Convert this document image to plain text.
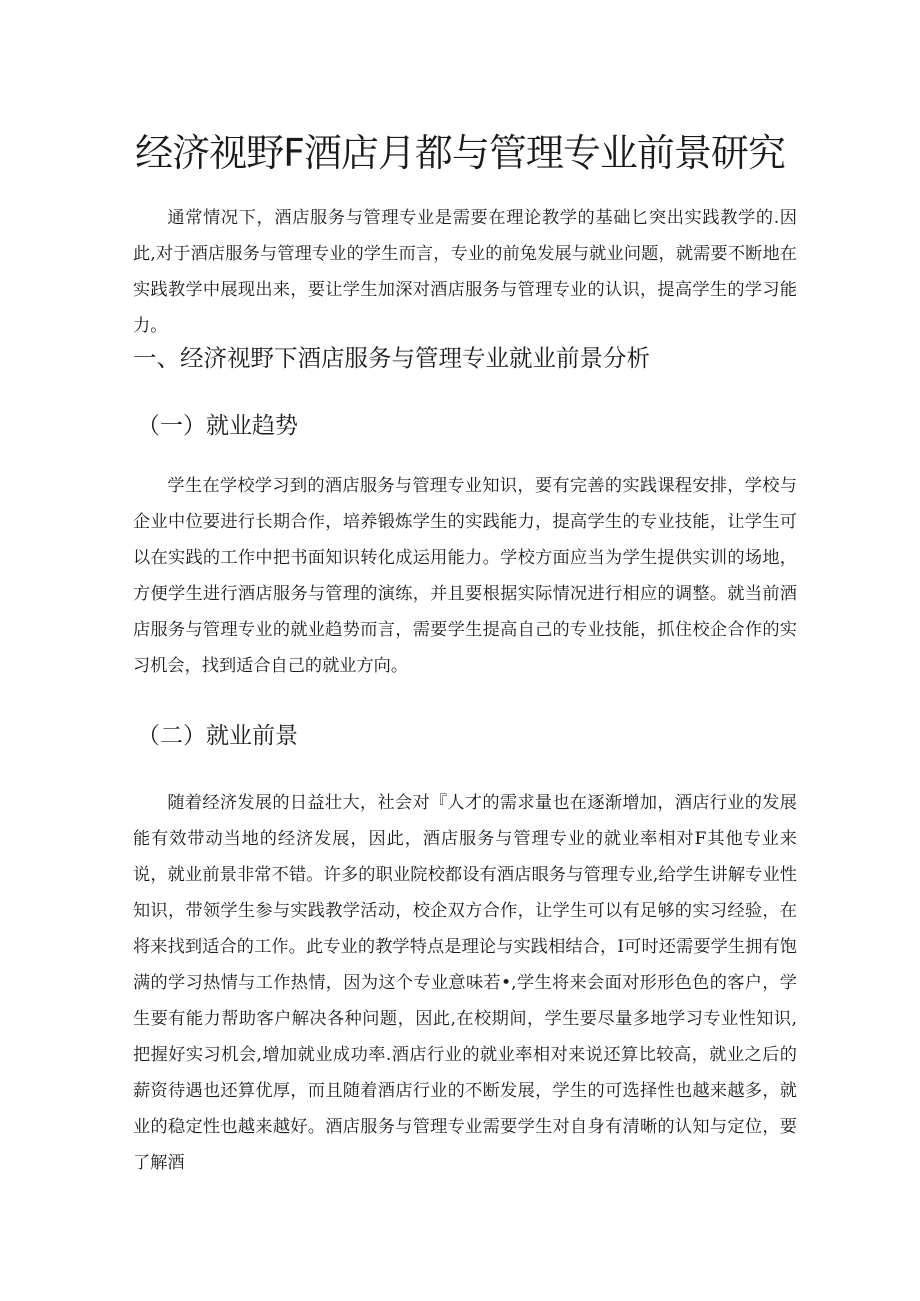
经济视野F酒店月都与管理专业前景研究

通常情况下，酒店服务与管理专业是需要在理论教学的基础匕突出实践教学的.因此,对于酒店服务与管理专业的学生而言，专业的前兔发展与就业问题，就需要不断地在实践教学中展现出来，要让学生加深对酒店服务与管理专业的认识，提高学生的学习能力。

一、经济视野下酒店服务与管理专业就业前景分析
（一）就业趋势

学生在学校学习到的酒店服务与管理专业知识，要有完善的实践课程安排，学校与企业中位要进行长期合作，培养锻炼学生的实践能力，提高学生的专业技能，让学生可以在实践的工作中把书面知识转化成运用能力。学校方面应当为学生提供实训的场地，方便学生进行酒店服务与管理的演练，并且要根据实际情况进行相应的调整。就当前酒店服务与管理专业的就业趋势而言，需要学生提高自己的专业技能，抓住校企合作的实习机会，找到适合自己的就业方向。

（二）就业前景

随着经济发展的日益壮大，社会对『人才的需求量也在逐渐增加，酒店行业的发展能有效带动当地的经济发展，因此，酒店服务与管理专业的就业率相对F其他专业来说，就业前景非常不错。许多的职业院校都设有酒店眼务与管理专业,给学生讲解专业性知识，带领学生参与实践教学活动，校企双方合作，让学生可以有足够的实习经验，在将来找到适合的工作。此专业的教学特点是理论与实践相结合，I可时还需要学生拥有饱满的学习热情与工作热情，因为这个专业意味若•,学生将来会面对形形色色的客户，学生要有能力帮助客户解决各种问题，因此,在校期间，学生要尽量多地学习专业性知识,把握好实习机会,增加就业成功率.酒店行业的就业率相对来说还算比较高，就业之后的薪资待遇也还算优厚，而且随着酒店行业的不断发展，学生的可选择性也越来越多，就业的稳定性也越来越好。酒店服务与管理专业需要学生对自身有清晰的认知与定位，要了解酒
